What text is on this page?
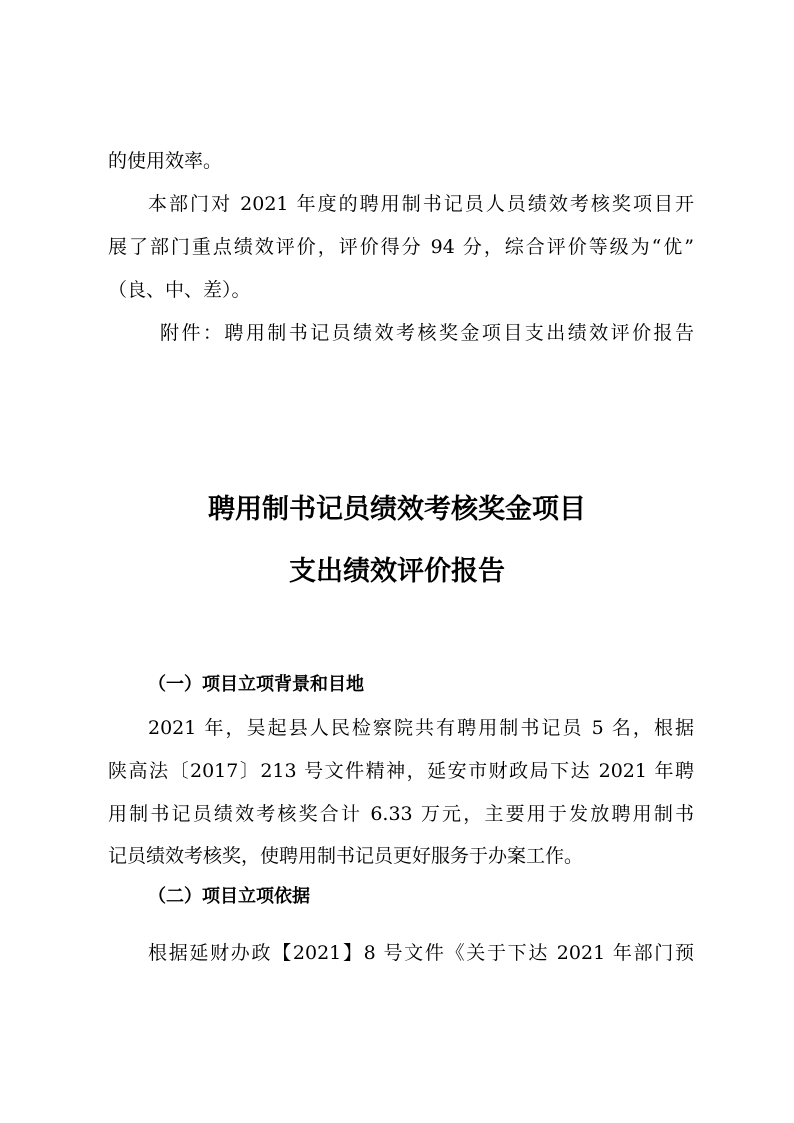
的使用效率。

本部门对 2021 年度的聘用制书记员人员绩效考核奖项目开

展了部门重点绩效评价，评价得分 94 分，综合评价等级为“优”

（良、中、差）。

附件：聘用制书记员绩效考核奖金项目支出绩效评价报告

聘用制书记员绩效考核奖金项目
支出绩效评价报告
（一）项目立项背景和目地

2021 年，吴起县人民检察院共有聘用制书记员 5 名，根据

陕高法〔2017〕213 号文件精神，延安市财政局下达 2021 年聘

用制书记员绩效考核奖合计 6.33 万元，主要用于发放聘用制书

记员绩效考核奖，使聘用制书记员更好服务于办案工作。

（二）项目立项依据

根据延财办政【2021】8 号文件《关于下达 2021 年部门预
